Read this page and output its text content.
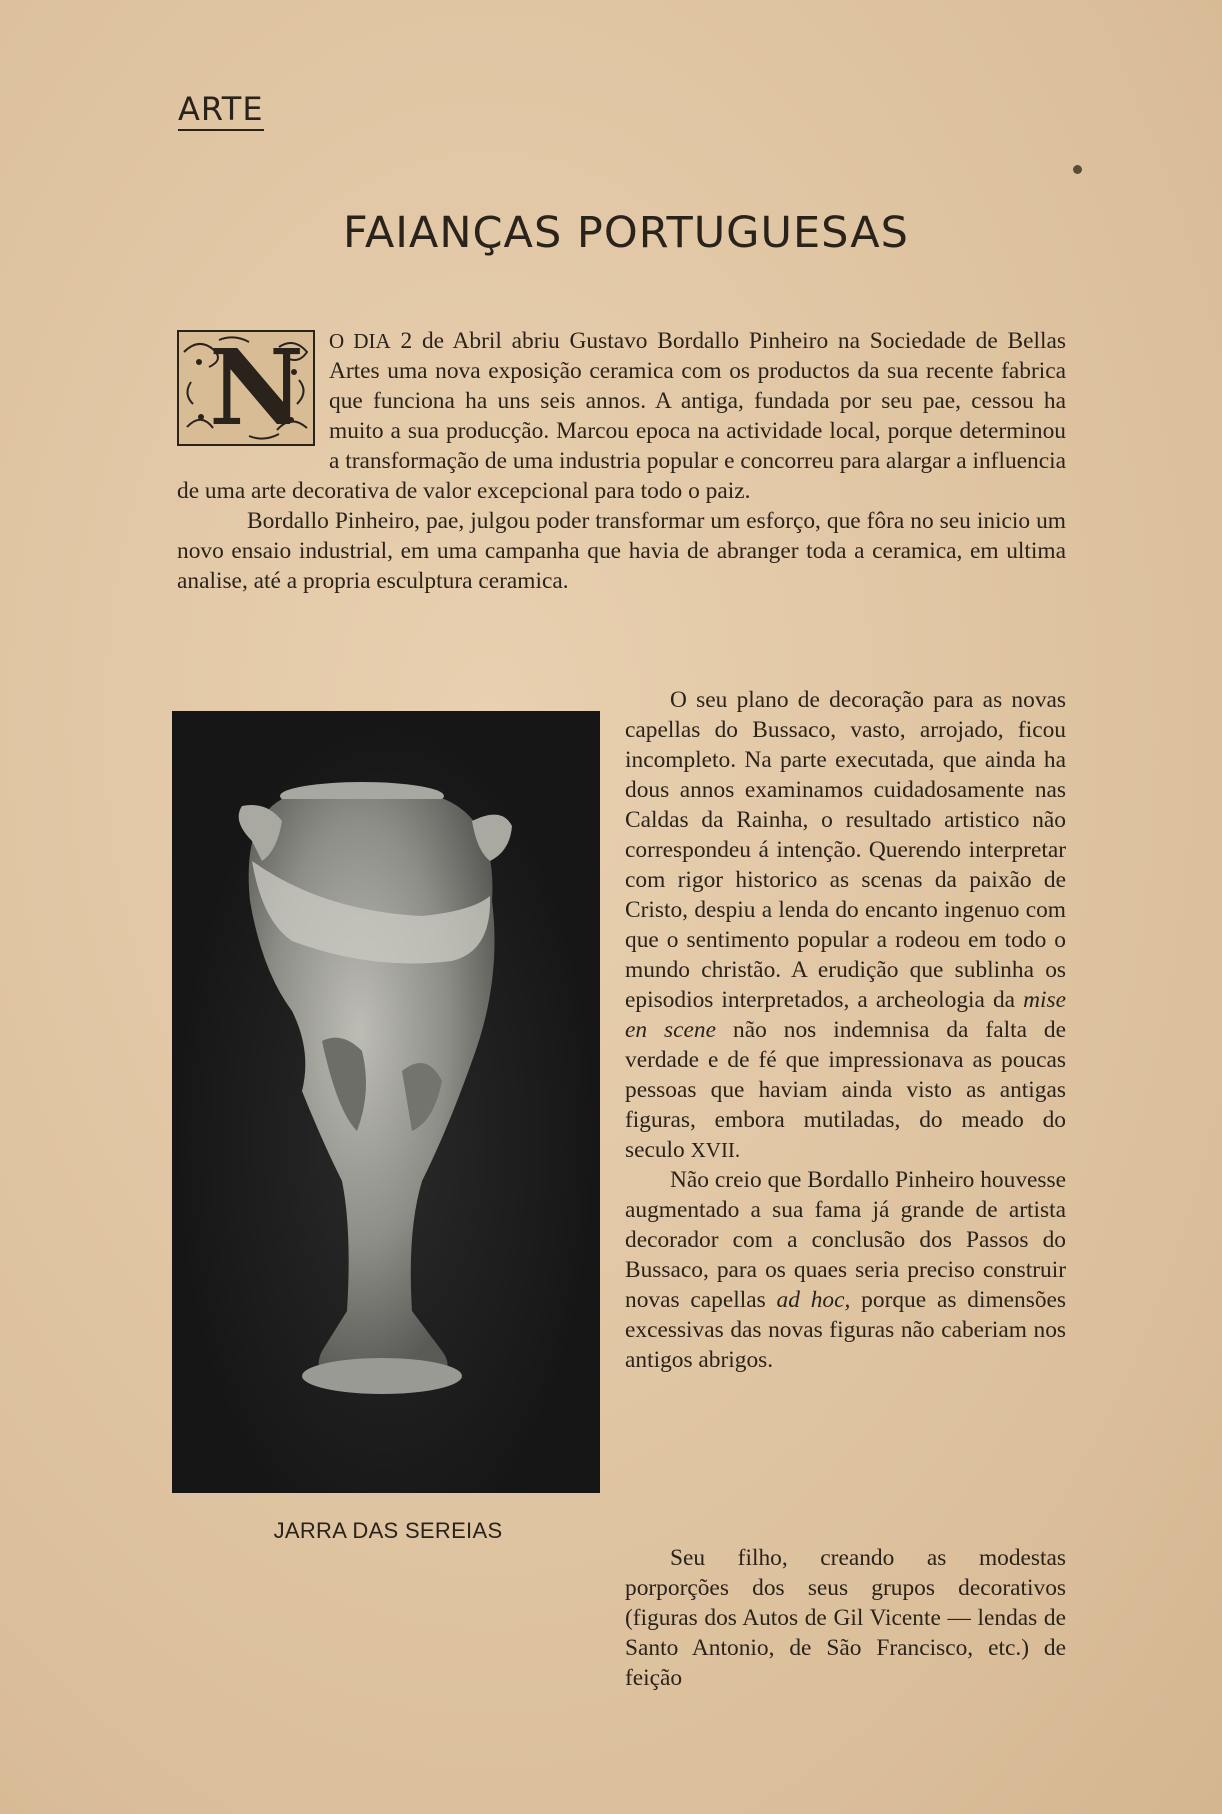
ARTE
FAIANÇAS PORTUGUESAS

N O DIA 2 de Abril abriu Gustavo Bordallo Pinheiro na Sociedade de Bellas Artes uma nova exposição ceramica com os productos da sua recente fabrica que funciona ha uns seis annos. A antiga, fundada por seu pae, cessou ha muito a sua producção. Marcou epoca na actividade local, porque determinou a transformação de uma industria popular e concorreu para alargar a influencia de uma arte decorativa de valor excepcional para todo o paiz.

Bordallo Pinheiro, pae, julgou poder transformar um esforço, que fôra no seu inicio um novo ensaio industrial, em uma campanha que havia de abranger toda a ceramica, em ultima analise, até a propria esculptura ceramica.

JARRA DAS SEREIAS

O seu plano de decoração para as novas capellas do Bussaco, vasto, arrojado, ficou incompleto. Na parte executada, que ainda ha dous annos examinamos cuidadosamente nas Caldas da Rainha, o resultado artistico não correspondeu á intenção. Querendo interpretar com rigor historico as scenas da paixão de Cristo, despiu a lenda do encanto ingenuo com que o sentimento popular a rodeou em todo o mundo christão. A erudição que sublinha os episodios interpretados, a archeologia da mise en scene não nos indemnisa da falta de verdade e de fé que impressionava as poucas pessoas que haviam ainda visto as antigas figuras, embora mutiladas, do meado do seculo XVII.

Não creio que Bordallo Pinheiro houvesse augmentado a sua fama já grande de artista decorador com a conclusão dos Passos do Bussaco, para os quaes seria preciso construir novas capellas ad hoc, porque as dimensões excessivas das novas figuras não caberiam nos antigos abrigos.

Seu filho, creando as modestas porporções dos seus grupos decorativos (figuras dos Autos de Gil Vicente — lendas de Santo Antonio, de São Francisco, etc.) de feição
